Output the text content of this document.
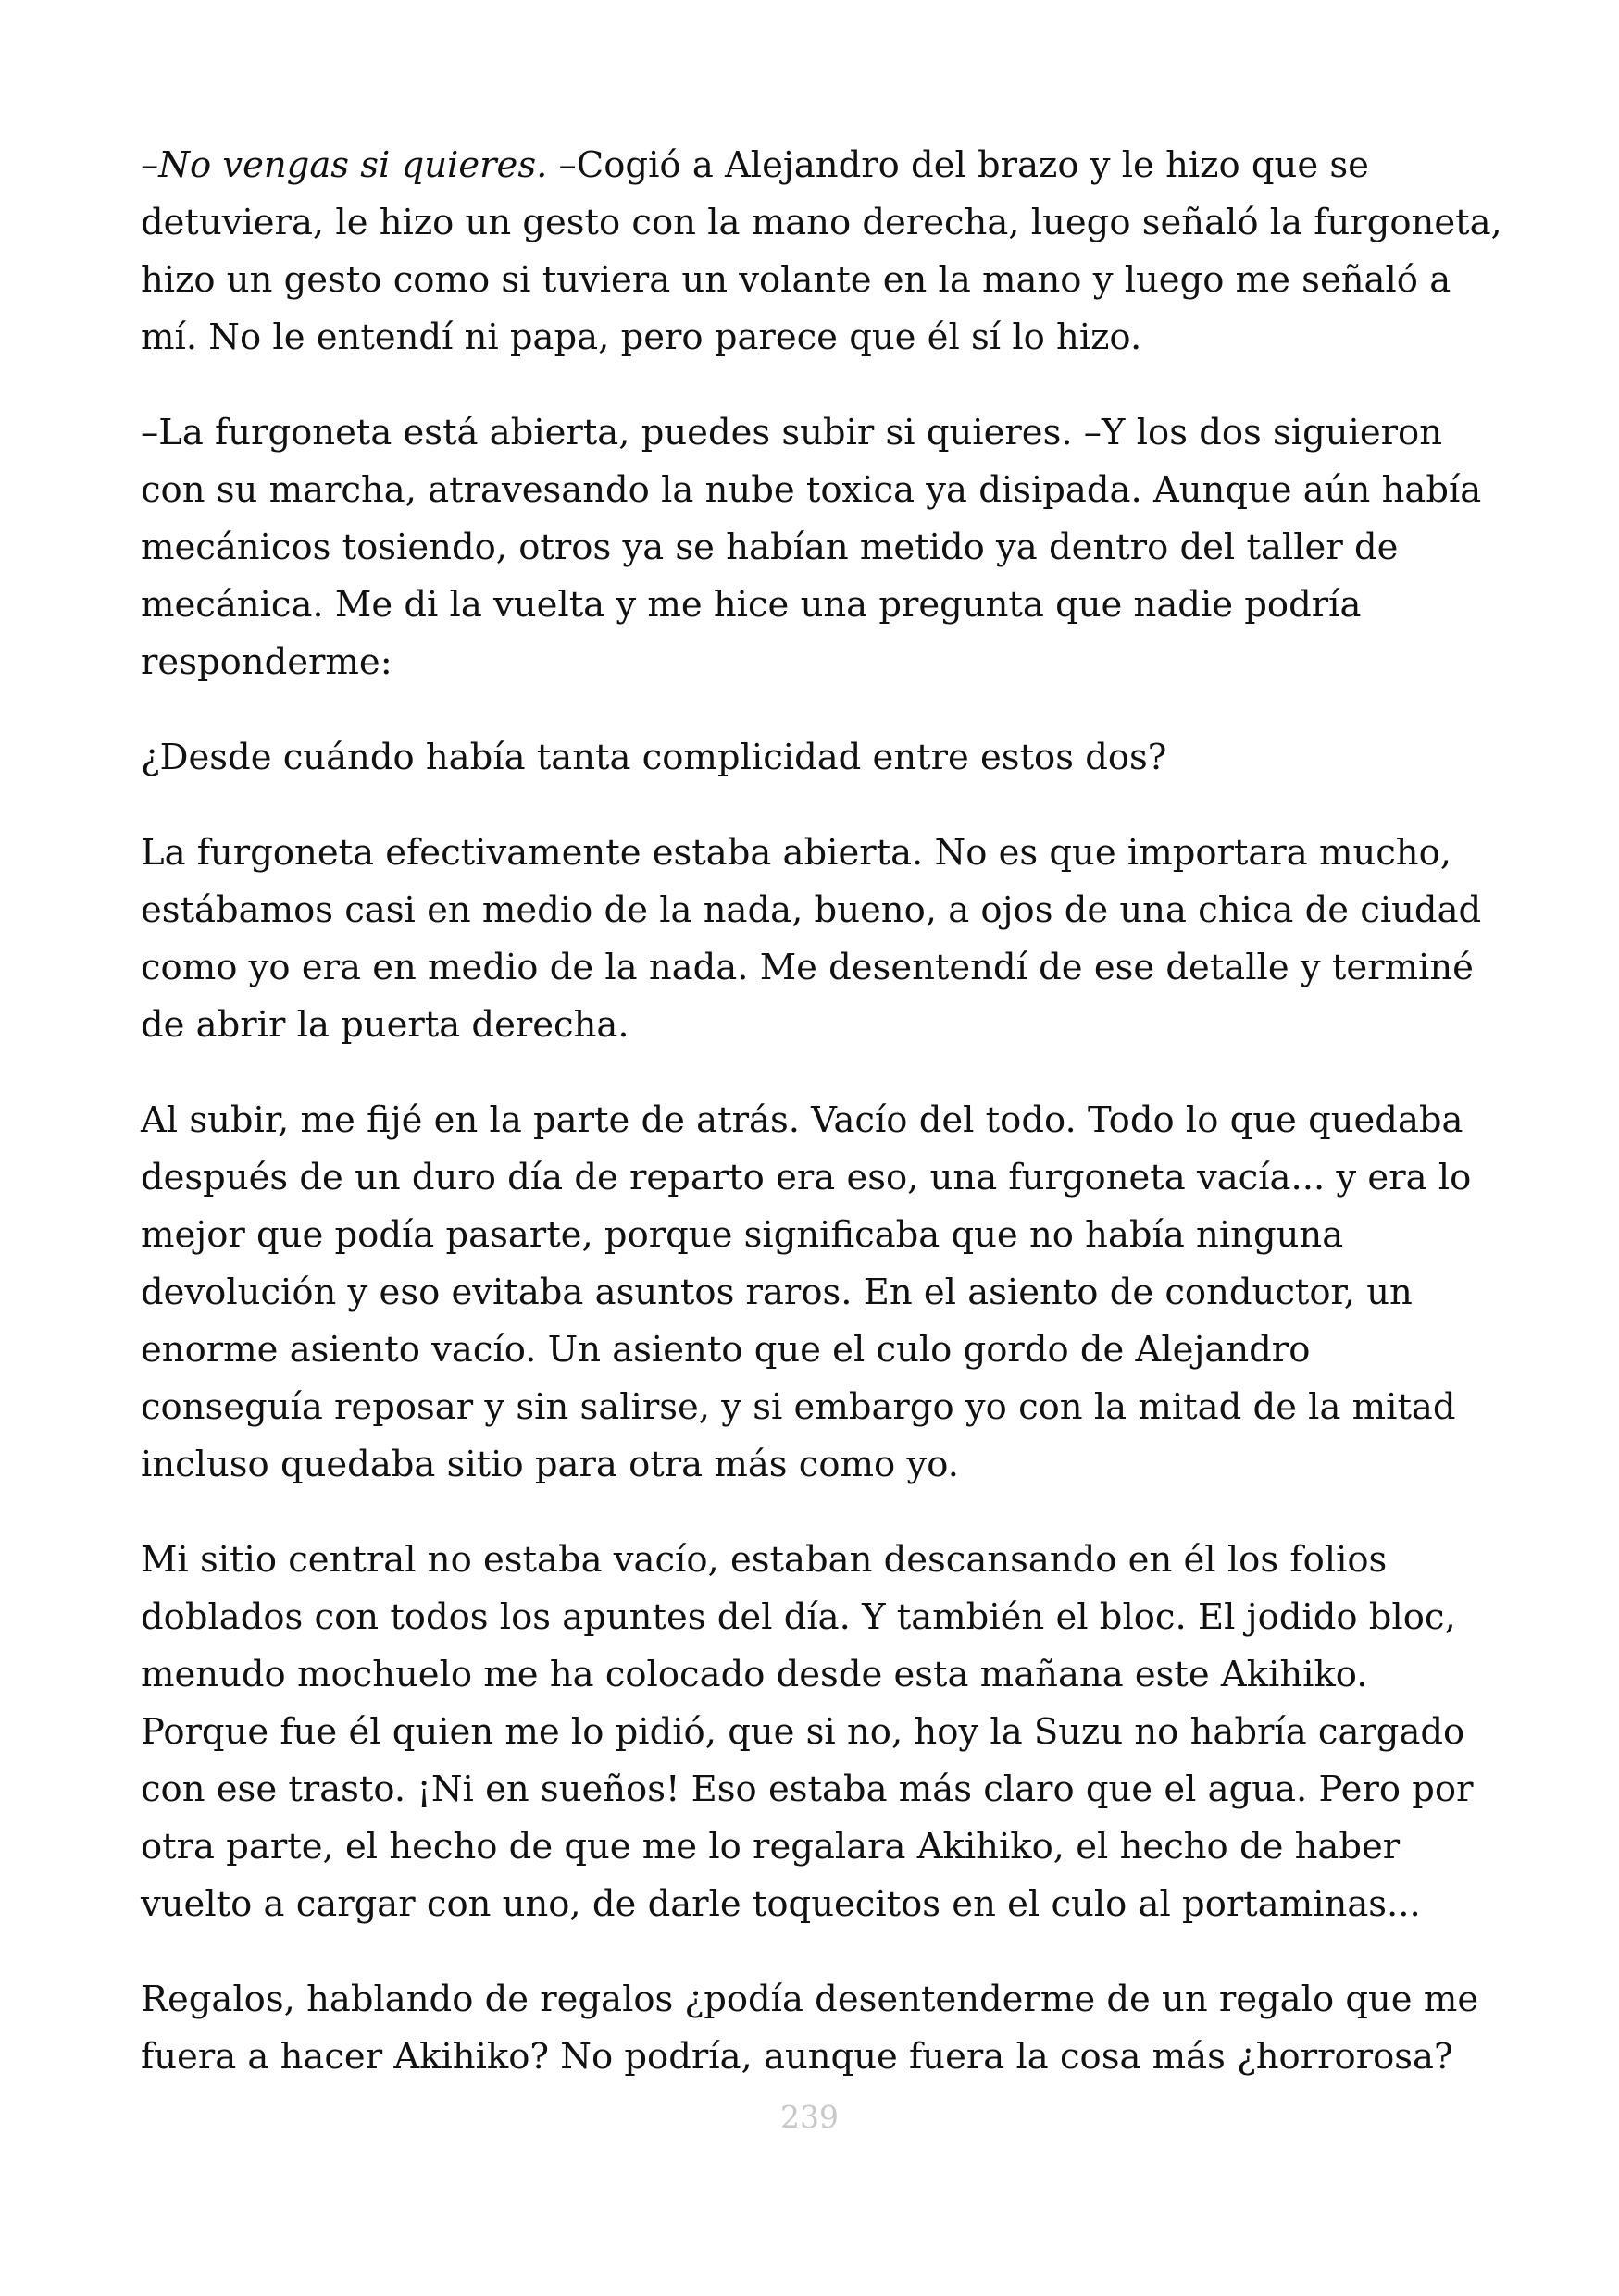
–No vengas si quieres. –Cogió a Alejandro del brazo y le hizo que se
detuviera, le hizo un gesto con la mano derecha, luego señaló la furgoneta,
hizo un gesto como si tuviera un volante en la mano y luego me señaló a
mí. No le entendí ni papa, pero parece que él sí lo hizo.

–La furgoneta está abierta, puedes subir si quieres. –Y los dos siguieron
con su marcha, atravesando la nube toxica ya disipada. Aunque aún había
mecánicos tosiendo, otros ya se habían metido ya dentro del taller de
mecánica. Me di la vuelta y me hice una pregunta que nadie podría
responderme:

¿Desde cuándo había tanta complicidad entre estos dos?

La furgoneta efectivamente estaba abierta. No es que importara mucho,
estábamos casi en medio de la nada, bueno, a ojos de una chica de ciudad
como yo era en medio de la nada. Me desentendí de ese detalle y terminé
de abrir la puerta derecha.

Al subir, me fijé en la parte de atrás. Vacío del todo. Todo lo que quedaba
después de un duro día de reparto era eso, una furgoneta vacía... y era lo
mejor que podía pasarte, porque significaba que no había ninguna
devolución y eso evitaba asuntos raros. En el asiento de conductor, un
enorme asiento vacío. Un asiento que el culo gordo de Alejandro
conseguía reposar y sin salirse, y si embargo yo con la mitad de la mitad
incluso quedaba sitio para otra más como yo.

Mi sitio central no estaba vacío, estaban descansando en él los folios
doblados con todos los apuntes del día. Y también el bloc. El jodido bloc,
menudo mochuelo me ha colocado desde esta mañana este Akihiko.
Porque fue él quien me lo pidió, que si no, hoy la Suzu no habría cargado
con ese trasto. ¡Ni en sueños! Eso estaba más claro que el agua. Pero por
otra parte, el hecho de que me lo regalara Akihiko, el hecho de haber
vuelto a cargar con uno, de darle toquecitos en el culo al portaminas...

Regalos, hablando de regalos ¿podía desentenderme de un regalo que me
fuera a hacer Akihiko? No podría, aunque fuera la cosa más ¿horrorosa?

239
